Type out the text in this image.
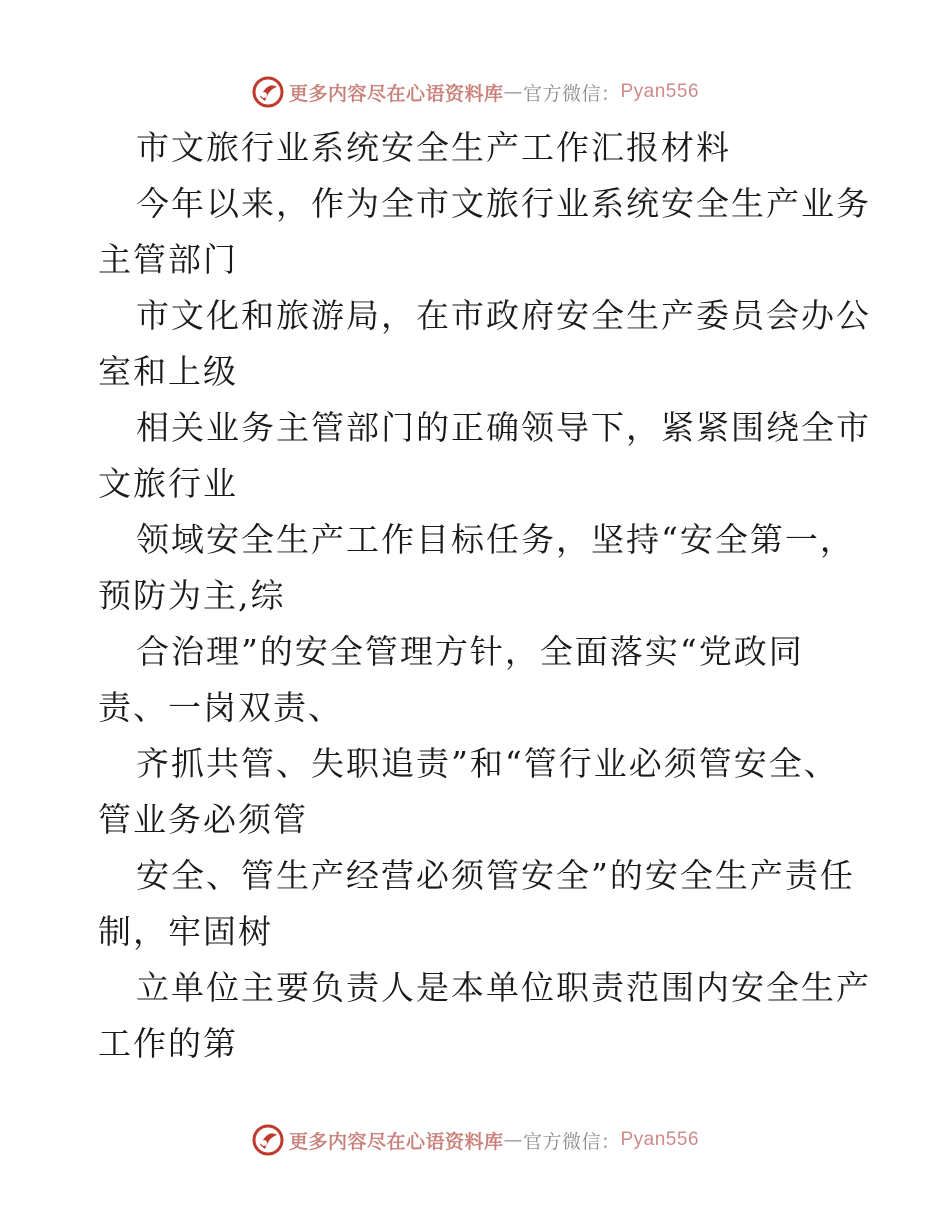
更多内容尽在心语资料库 — 官方微信： Pyan556
市文旅行业系统安全生产工作汇报材料
今年以来，作为全市文旅行业系统安全生产业务
主管部门
市文化和旅游局，在市政府安全生产委员会办公
室和上级
相关业务主管部门的正确领导下，紧紧围绕全市
文旅行业
领域安全生产工作目标任务，坚持“安全第一，
预防为主,综
合治理”的安全管理方针，全面落实“党政同
责、一岗双责、
齐抓共管、失职追责”和“管行业必须管安全、
管业务必须管
安全、管生产经营必须管安全”的安全生产责任
制，牢固树
立单位主要负责人是本单位职责范围内安全生产
工作的第
更多内容尽在心语资料库 — 官方微信： Pyan556
